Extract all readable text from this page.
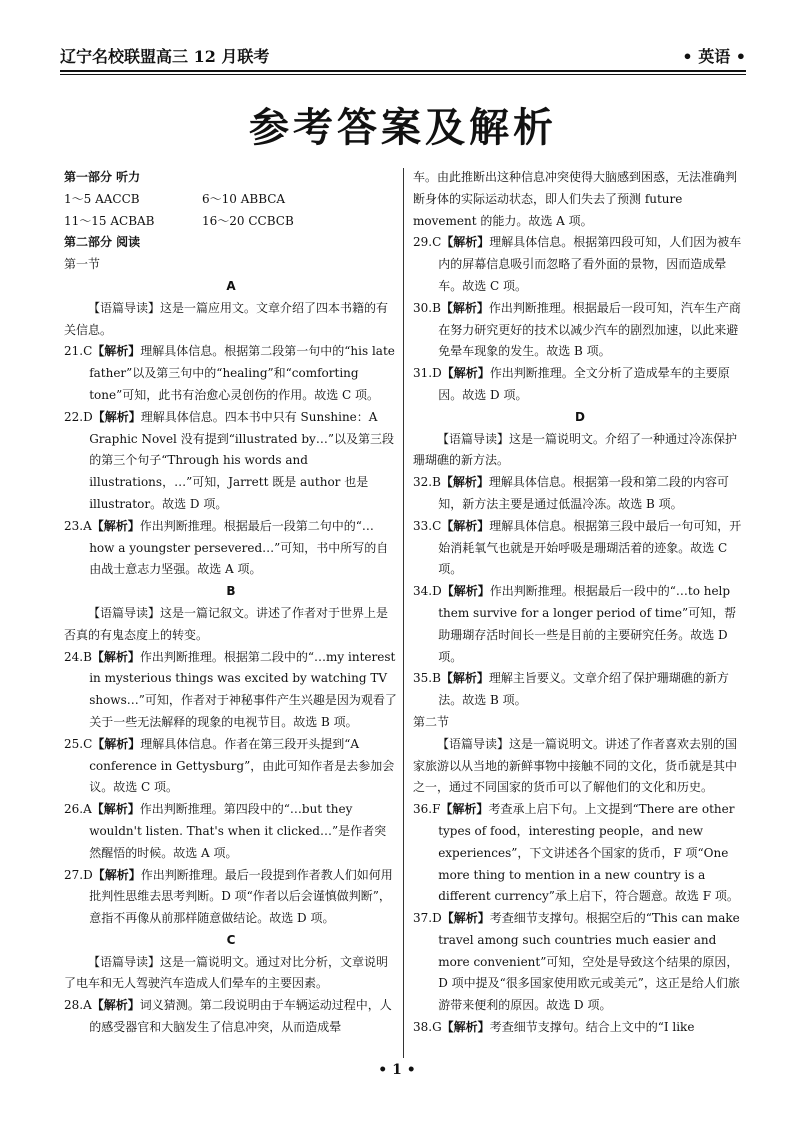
辽宁名校联盟高三 12 月联考	• 英语 •
参考答案及解析

第一部分 听力

1～5 AACCB	6～10 ABBCA

11～15 ACBAB	16～20 CCBCB

第二部分 阅读

第一节

A

【语篇导读】这是一篇应用文。文章介绍了四本书籍的有关信息。

21.C【解析】理解具体信息。根据第二段第一句中的“his late father”以及第三句中的“healing”和“comforting tone”可知，此书有治愈心灵创伤的作用。故选 C 项。

22.D【解析】理解具体信息。四本书中只有 Sunshine：A Graphic Novel 没有提到“illustrated by…”以及第三段的第三个句子“Through his words and illustrations，…”可知，Jarrett 既是 author 也是 illustrator。故选 D 项。

23.A【解析】作出判断推理。根据最后一段第二句中的“…how a youngster persevered…”可知，书中所写的自由战士意志力坚强。故选 A 项。

B

【语篇导读】这是一篇记叙文。讲述了作者对于世界上是否真的有鬼态度上的转变。

24.B【解析】作出判断推理。根据第二段中的“…my interest in mysterious things was excited by watching TV shows…”可知，作者对于神秘事件产生兴趣是因为观看了关于一些无法解释的现象的电视节目。故选 B 项。

25.C【解析】理解具体信息。作者在第三段开头提到“A conference in Gettysburg”，由此可知作者是去参加会议。故选 C 项。

26.A【解析】作出判断推理。第四段中的“…but they wouldn't listen. That's when it clicked…”是作者突然醒悟的时候。故选 A 项。

27.D【解析】作出判断推理。最后一段提到作者教人们如何用批判性思维去思考判断。D 项“作者以后会谨慎做判断”，意指不再像从前那样随意做结论。故选 D 项。

C

【语篇导读】这是一篇说明文。通过对比分析，文章说明了电车和无人驾驶汽车造成人们晕车的主要因素。

28.A【解析】词义猜测。第二段说明由于车辆运动过程中，人的感受器官和大脑发生了信息冲突，从而造成晕

车。由此推断出这种信息冲突使得大脑感到困惑，无法准确判断身体的实际运动状态，即人们失去了预测 future movement 的能力。故选 A 项。

29.C【解析】理解具体信息。根据第四段可知，人们因为被车内的屏幕信息吸引而忽略了看外面的景物，因而造成晕车。故选 C 项。

30.B【解析】作出判断推理。根据最后一段可知，汽车生产商在努力研究更好的技术以减少汽车的剧烈加速，以此来避免晕车现象的发生。故选 B 项。

31.D【解析】作出判断推理。全文分析了造成晕车的主要原因。故选 D 项。

D

【语篇导读】这是一篇说明文。介绍了一种通过冷冻保护珊瑚礁的新方法。

32.B【解析】理解具体信息。根据第一段和第二段的内容可知，新方法主要是通过低温冷冻。故选 B 项。

33.C【解析】理解具体信息。根据第三段中最后一句可知，开始消耗氧气也就是开始呼吸是珊瑚活着的迹象。故选 C 项。

34.D【解析】作出判断推理。根据最后一段中的“…to help them survive for a longer period of time”可知，帮助珊瑚存活时间长一些是目前的主要研究任务。故选 D 项。

35.B【解析】理解主旨要义。文章介绍了保护珊瑚礁的新方法。故选 B 项。

第二节

【语篇导读】这是一篇说明文。讲述了作者喜欢去别的国家旅游以从当地的新鲜事物中接触不同的文化，货币就是其中之一，通过不同国家的货币可以了解他们的文化和历史。

36.F【解析】考查承上启下句。上文提到“There are other types of food，interesting people，and new experiences”，下文讲述各个国家的货币，F 项“One more thing to mention in a new country is a different currency”承上启下，符合题意。故选 F 项。

37.D【解析】考查细节支撑句。根据空后的“This can make travel among such countries much easier and more convenient”可知，空处是导致这个结果的原因，D 项中提及“很多国家使用欧元或美元”，这正是给人们旅游带来便利的原因。故选 D 项。

38.G【解析】考查细节支撑句。结合上文中的“I like

• 1 •
